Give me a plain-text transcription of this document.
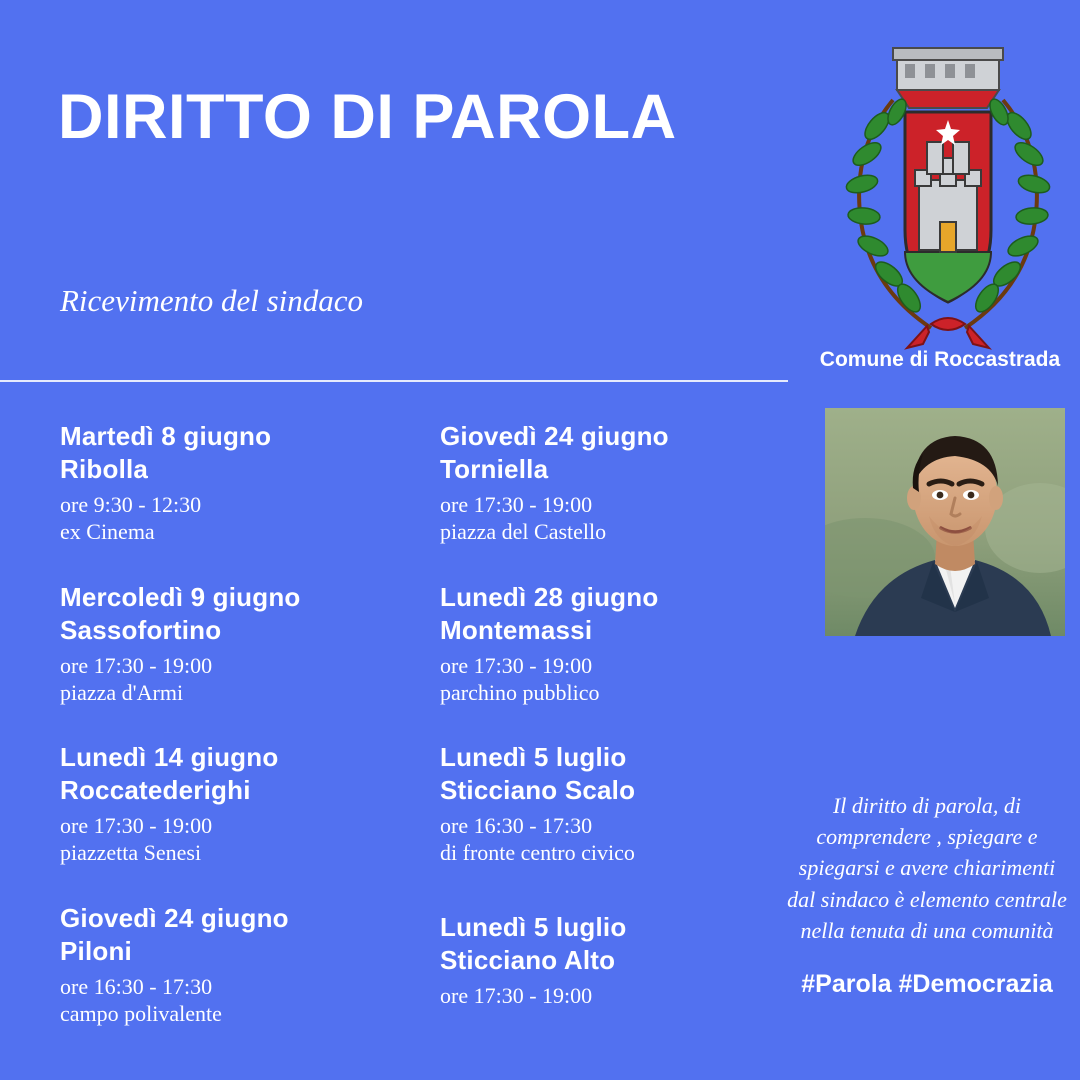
DIRITTO DI PAROLA
Ricevimento del sindaco
Comune di Roccastrada
Martedì 8 giugno
Ribolla
ore 9:30 - 12:30
ex Cinema
Mercoledì 9 giugno
Sassofortino
ore 17:30 - 19:00
piazza d'Armi
Lunedì 14 giugno
Roccatederighi
ore 17:30 - 19:00
piazzetta Senesi
Giovedì 24 giugno
Piloni
ore 16:30 - 17:30
campo polivalente
Giovedì 24 giugno
Torniella
ore 17:30 - 19:00
piazza del Castello
Lunedì 28 giugno
Montemassi
ore 17:30 - 19:00
parchino pubblico
Lunedì 5 luglio
Sticciano Scalo
ore 16:30 - 17:30
di fronte centro civico
Lunedì 5 luglio
Sticciano Alto
ore 17:30 - 19:00
Il diritto di parola, di comprendere , spiegare e spiegarsi e avere chiarimenti dal sindaco è elemento centrale nella tenuta di una comunità
#Parola #Democrazia
